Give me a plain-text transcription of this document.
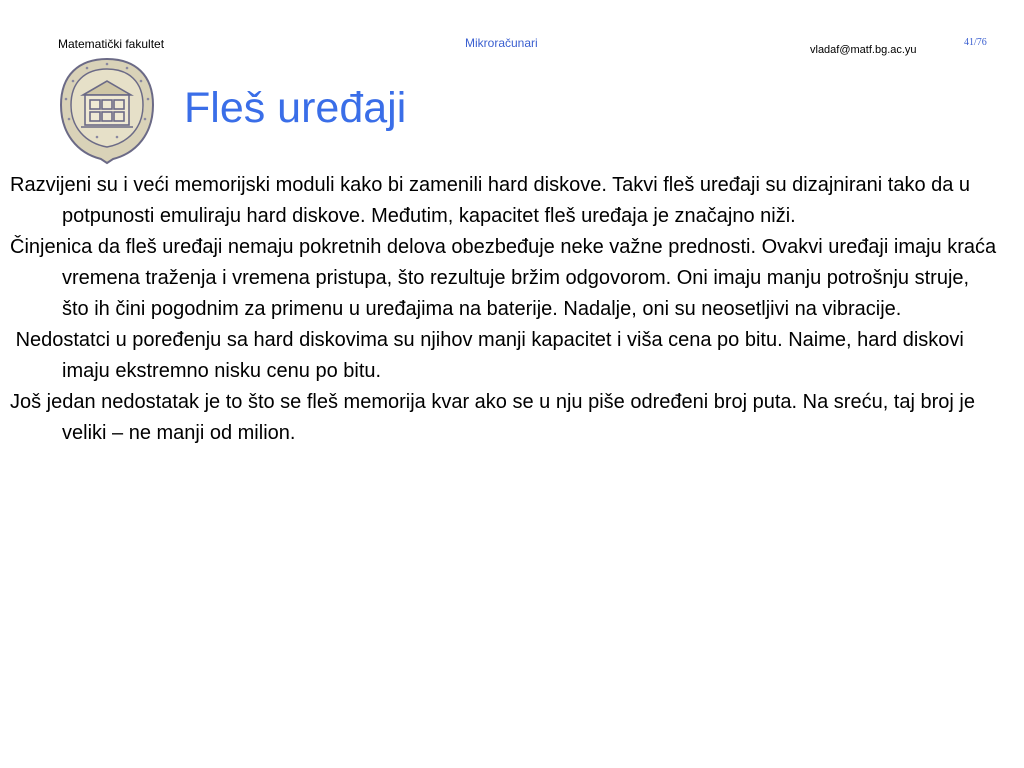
Matematički fakultet	Mikroračunari	vladaf@matf.bg.ac.yu
41/76
Fleš uređaji

Razvijeni su i veći memorijski moduli kako bi zamenili hard diskove. Takvi fleš uređaji su dizajnirani tako da u potpunosti emuliraju hard diskove. Međutim, kapacitet fleš uređaja je značajno niži.

Činjenica da fleš uređaji nemaju pokretnih delova obezbeđuje neke važne prednosti. Ovakvi uređaji imaju kraća vremena traženja i vremena pristupa, što rezultuje bržim odgovorom. Oni imaju manju potrošnju struje, što ih čini pogodnim za primenu u uređajima na baterije. Nadalje, oni su neosetljivi na vibracije.

Nedostatci u poređenju sa hard diskovima su njihov manji kapacitet i viša cena po bitu. Naime, hard diskovi imaju ekstremno nisku cenu po bitu.

Još jedan nedostatak je to što se fleš memorija kvar ako se u nju piše određeni broj puta. Na sreću, taj broj je veliki – ne manji od milion.
